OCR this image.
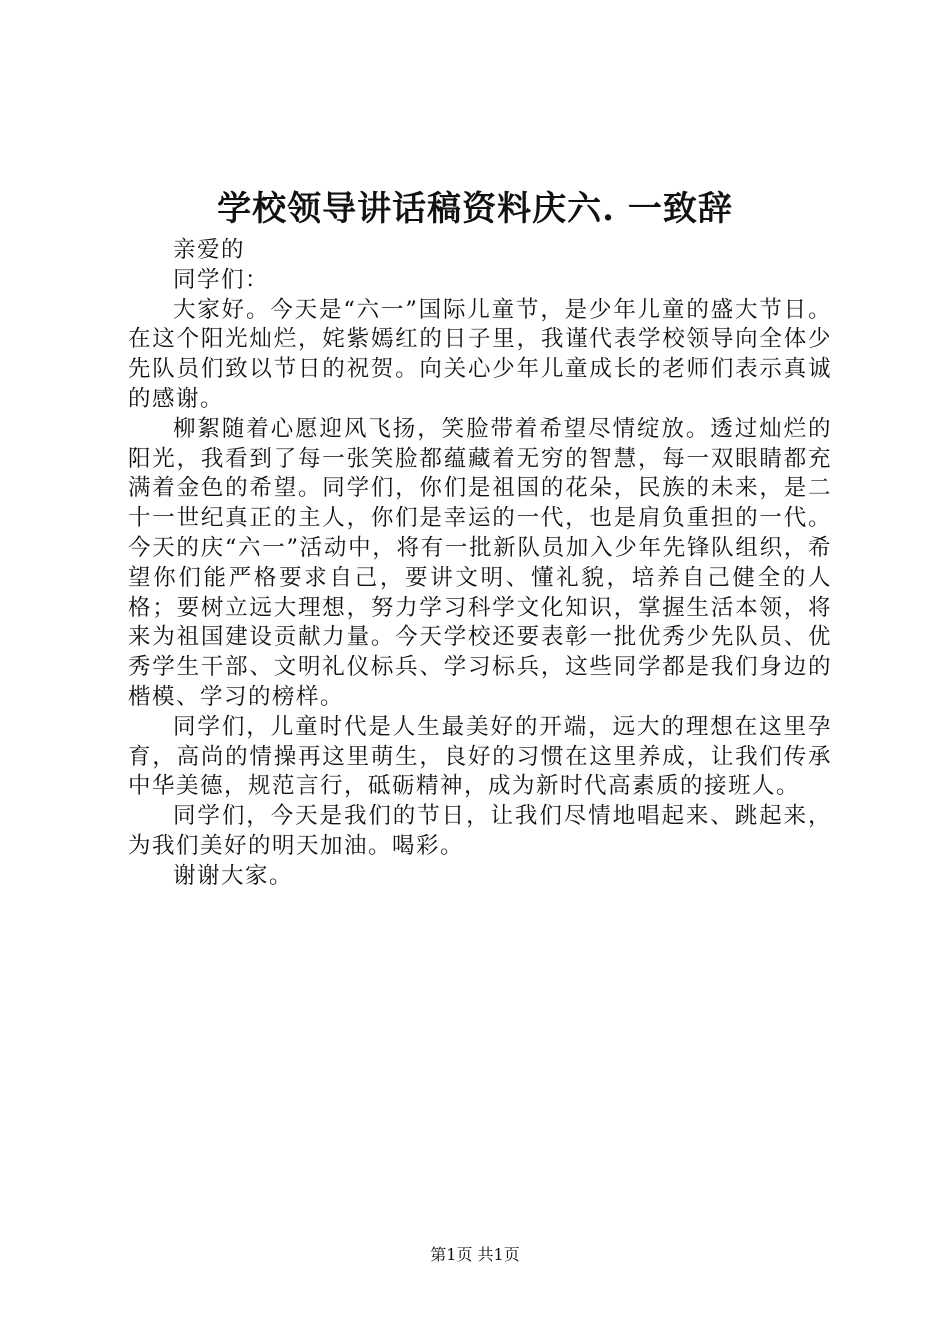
学校领导讲话稿资料庆六. 一致辞

亲爱的

同学们：

大家好。今天是“六一”国际儿童节，是少年儿童的盛大节日。在这个阳光灿烂，姹紫嫣红的日子里，我谨代表学校领导向全体少先队员们致以节日的祝贺。向关心少年儿童成长的老师们表示真诚的感谢。

柳絮随着心愿迎风飞扬，笑脸带着希望尽情绽放。透过灿烂的阳光，我看到了每一张笑脸都蕴藏着无穷的智慧，每一双眼睛都充满着金色的希望。同学们，你们是祖国的花朵，民族的未来，是二十一世纪真正的主人，你们是幸运的一代，也是肩负重担的一代。今天的庆“六一”活动中，将有一批新队员加入少年先锋队组织，希望你们能严格要求自己，要讲文明、懂礼貌，培养自己健全的人格；要树立远大理想，努力学习科学文化知识，掌握生活本领，将来为祖国建设贡献力量。今天学校还要表彰一批优秀少先队员、优秀学生干部、文明礼仪标兵、学习标兵，这些同学都是我们身边的楷模、学习的榜样。

同学们，儿童时代是人生最美好的开端，远大的理想在这里孕育，高尚的情操再这里萌生，良好的习惯在这里养成，让我们传承中华美德，规范言行，砥砺精神，成为新时代高素质的接班人。

同学们，今天是我们的节日，让我们尽情地唱起来、跳起来，为我们美好的明天加油。喝彩。

谢谢大家。

第1页 共1页
